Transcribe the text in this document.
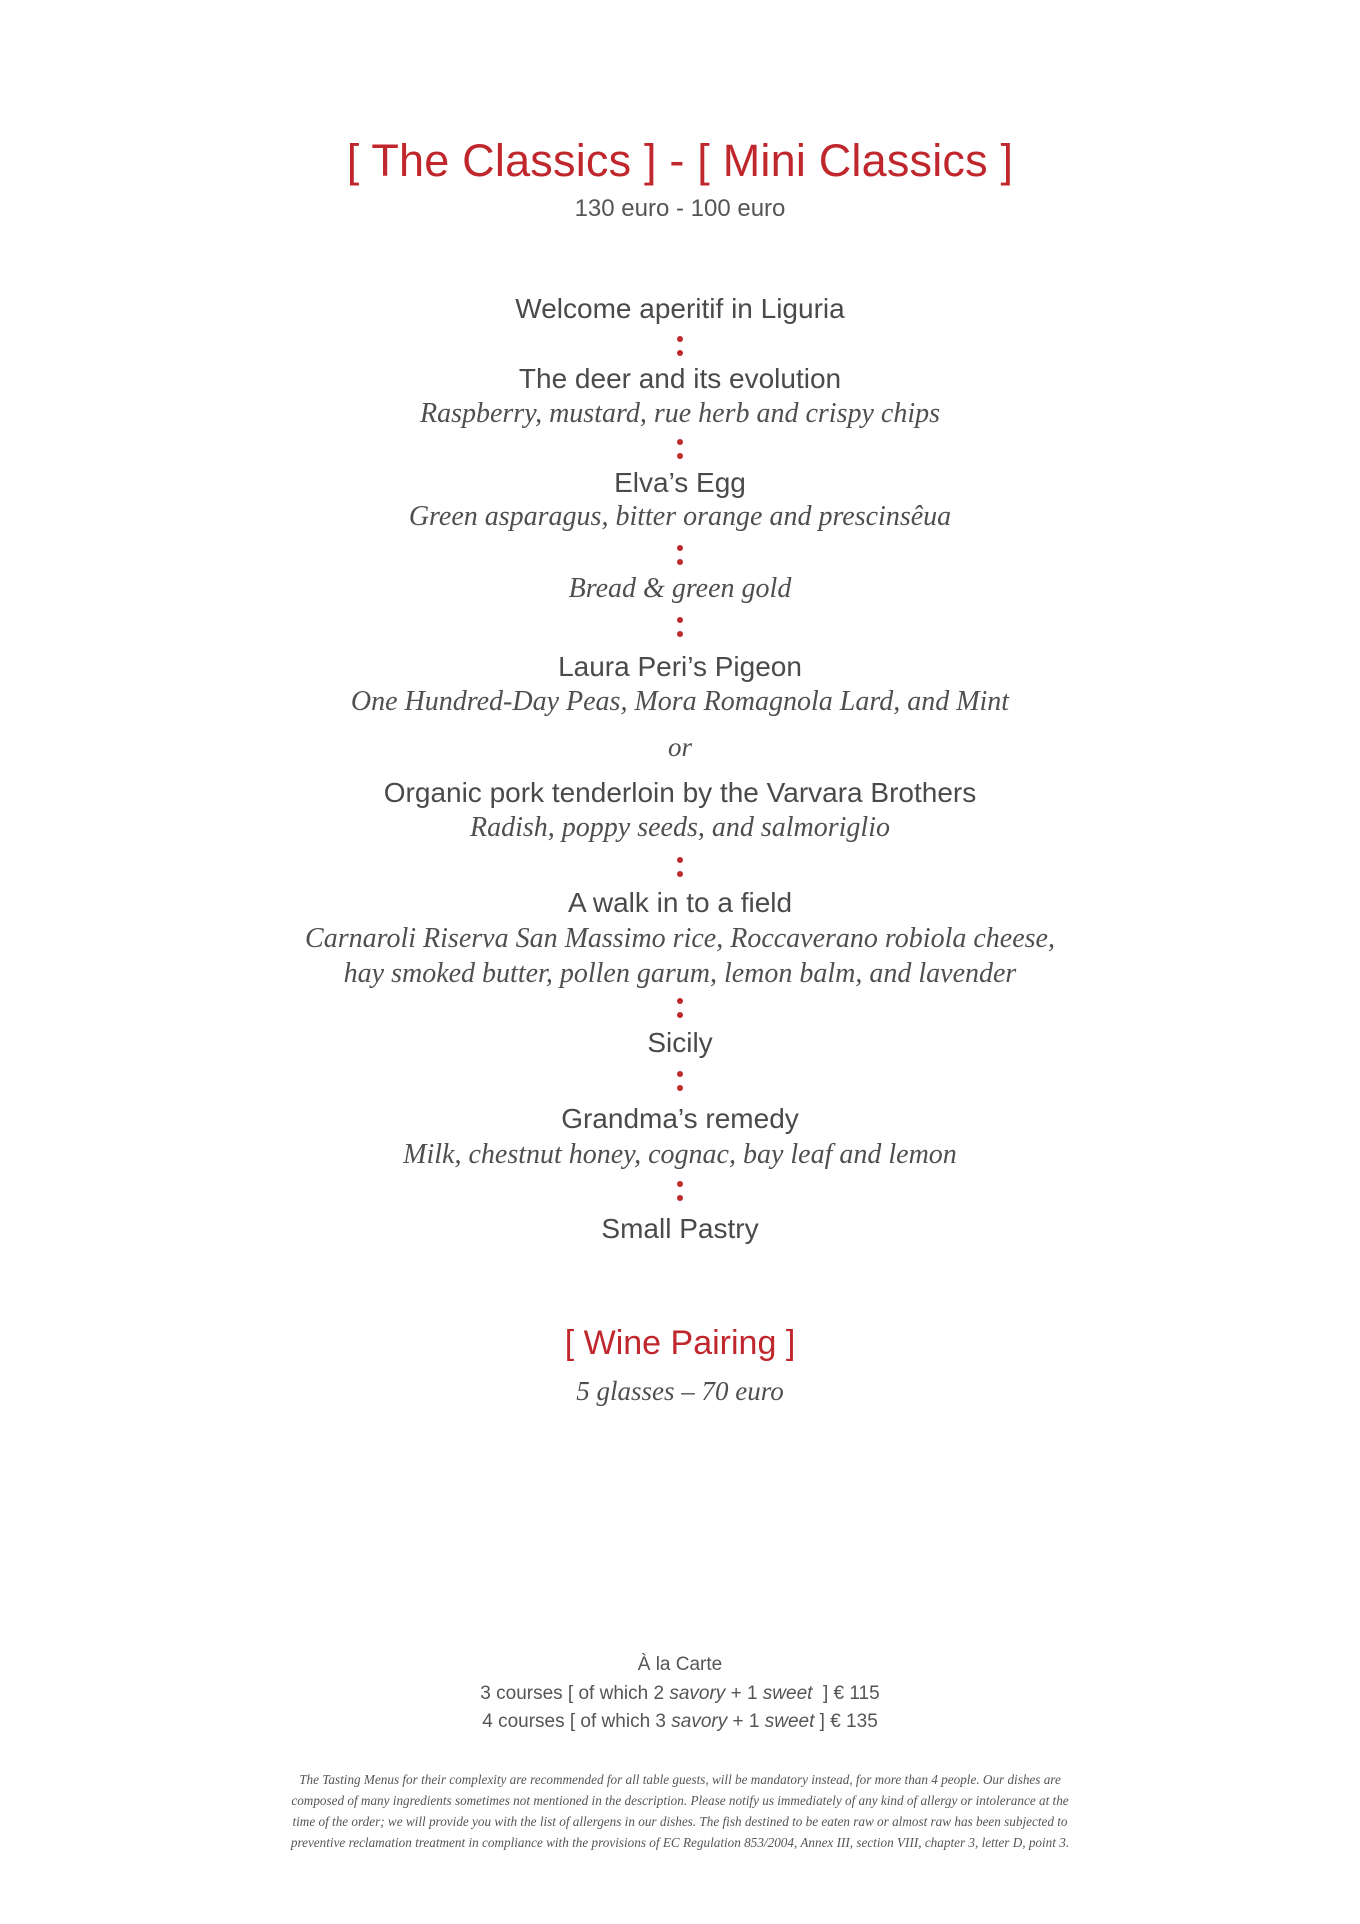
[ The Classics ] - [ Mini Classics ]
130 euro - 100 euro
Welcome aperitif in Liguria
The deer and its evolution
Raspberry, mustard, rue herb and crispy chips
Elva’s Egg
Green asparagus, bitter orange and prescinsêua
Bread & green gold
Laura Peri’s Pigeon
One Hundred-Day Peas, Mora Romagnola Lard, and Mint
or
Organic pork tenderloin by the Varvara Brothers
Radish, poppy seeds, and salmoriglio
A walk in to a field
Carnaroli Riserva San Massimo rice, Roccaverano robiola cheese,
hay smoked butter, pollen garum, lemon balm, and lavender
Sicily
Grandma’s remedy
Milk, chestnut honey, cognac, bay leaf and lemon
Small Pastry
[ Wine Pairing ]
5 glasses – 70 euro
À la Carte
3 courses [ of which 2 savory + 1 sweet  ] € 115
4 courses [ of which 3 savory + 1 sweet ] € 135
The Tasting Menus for their complexity are recommended for all table guests, will be mandatory instead, for more than 4 people. Our dishes are
composed of many ingredients sometimes not mentioned in the description. Please notify us immediately of any kind of allergy or intolerance at the
time of the order; we will provide you with the list of allergens in our dishes. The fish destined to be eaten raw or almost raw has been subjected to
preventive reclamation treatment in compliance with the provisions of EC Regulation 853/2004, Annex III, section VIII, chapter 3, letter D, point 3.
